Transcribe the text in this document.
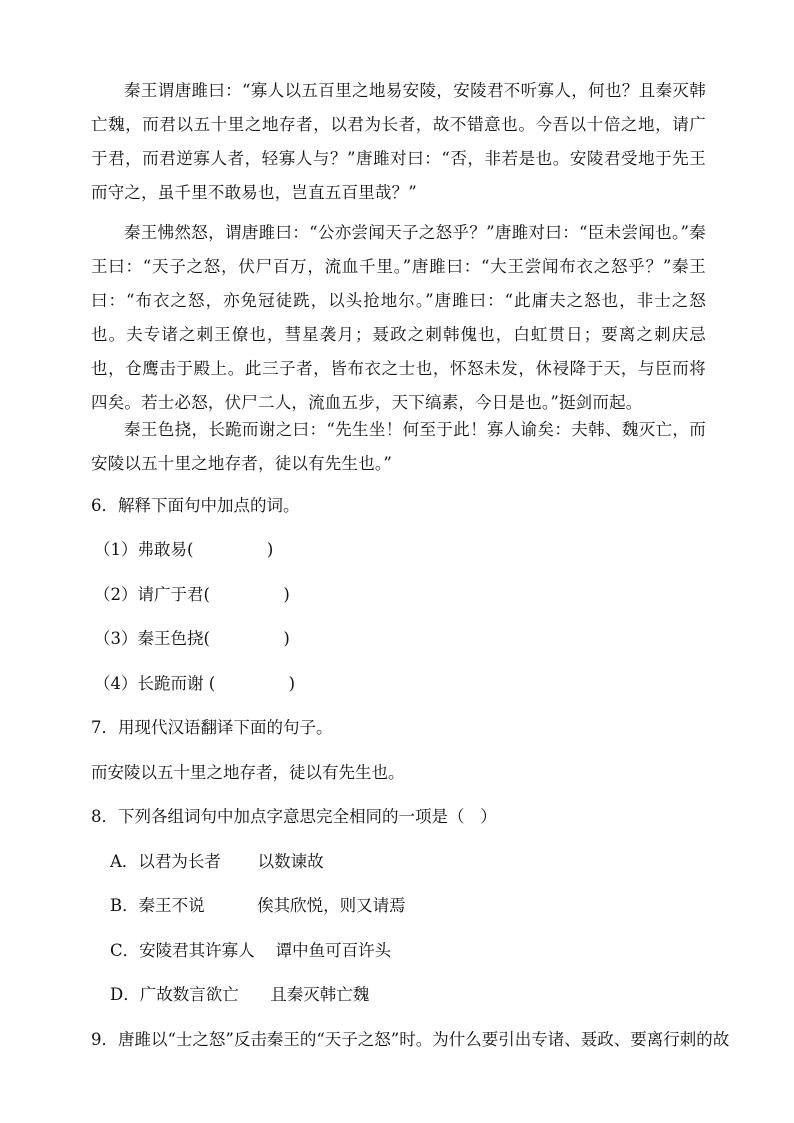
秦王谓唐雎曰：“寡人以五百里之地易安陵，安陵君不听寡人，何也？且秦灭韩亡魏，而君以五十里之地存者，以君为长者，故不错意也。今吾以十倍之地，请广于君，而君逆寡人者，轻寡人与？”唐雎对曰：“否，非若是也。安陵君受地于先王而守之，虽千里不敢易也，岂直五百里哉？”

秦王怫然怒，谓唐雎曰：“公亦尝闻天子之怒乎？”唐雎对曰：“臣未尝闻也。”秦王曰：“天子之怒，伏尸百万，流血千里。”唐雎曰：“大王尝闻布衣之怒乎？”秦王曰：“布衣之怒，亦免冠徒跣，以头抢地尔。”唐雎曰：“此庸夫之怒也，非士之怒也。夫专诸之刺王僚也，彗星袭月；聂政之刺韩傀也，白虹贯日；要离之刺庆忌也，仓鹰击于殿上。此三子者，皆布衣之士也，怀怒未发，休祲降于天，与臣而将四矣。若士必怒，伏尸二人，流血五步，天下缟素，今日是也。”挺剑而起。

秦王色挠，长跪而谢之曰：“先生坐！何至于此！寡人谕矣：夫韩、魏灭亡，而安陵以五十里之地存者，徒以有先生也。”

6．解释下面句中加点的词。

（1）弗敢易(              )

（2）请广于君(              )

（3）秦王色挠(              )

（4）长跪而谢 (              )

7．用现代汉语翻译下面的句子。

而安陵以五十里之地存者，徒以有先生也。

8．下列各组词句中加点字意思完全相同的一项是（   ）

A．以君为长者       以数谏故

B．秦王不说          俟其欣悦，则又请焉

C．安陵君其许寡人    谭中鱼可百许头

D．广故数言欲亡      且秦灭韩亡魏

9．唐雎以“士之怒”反击秦王的“天子之怒”时。为什么要引出专诸、聂政、要离行刺的故
